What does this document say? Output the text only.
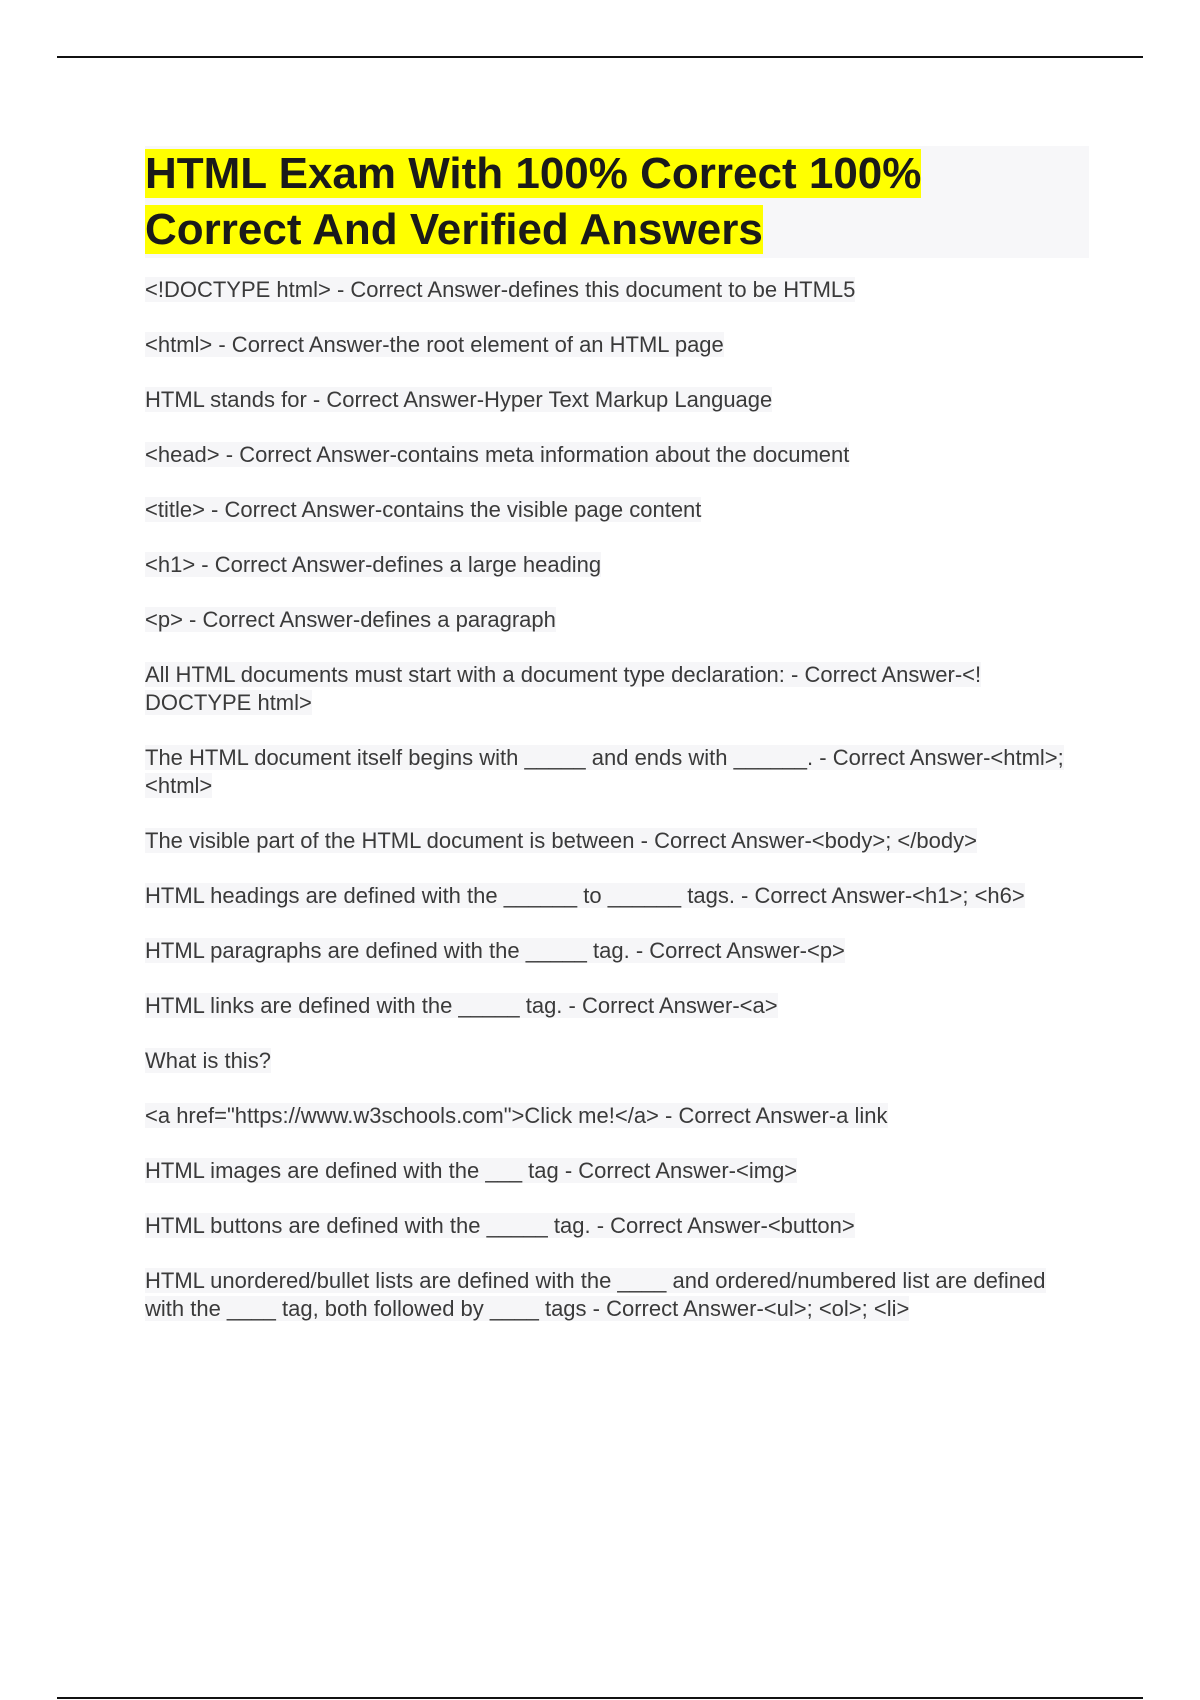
HTML Exam With 100% Correct 100%
Correct And Verified Answers
<!DOCTYPE html> - Correct Answer-defines this document to be HTML5
<html> - Correct Answer-the root element of an HTML page
HTML stands for - Correct Answer-Hyper Text Markup Language
<head> - Correct Answer-contains meta information about the document
<title> - Correct Answer-contains the visible page content
<h1> - Correct Answer-defines a large heading
<p> - Correct Answer-defines a paragraph
All HTML documents must start with a document type declaration: - Correct Answer-<! DOCTYPE html>
The HTML document itself begins with _____ and ends with ______. - Correct Answer-<html>; <html>
The visible part of the HTML document is between - Correct Answer-<body>; </body>
HTML headings are defined with the ______ to ______ tags. - Correct Answer-<h1>; <h6>
HTML paragraphs are defined with the _____ tag. - Correct Answer-<p>
HTML links are defined with the _____ tag. - Correct Answer-<a>
What is this?
<a href="https://www.w3schools.com">Click me!</a> - Correct Answer-a link
HTML images are defined with the ___ tag - Correct Answer-<img>
HTML buttons are defined with the _____ tag. - Correct Answer-<button>
HTML unordered/bullet lists are defined with the ____ and ordered/numbered list are defined with the ____ tag, both followed by ____ tags - Correct Answer-<ul>; <ol>; <li>
